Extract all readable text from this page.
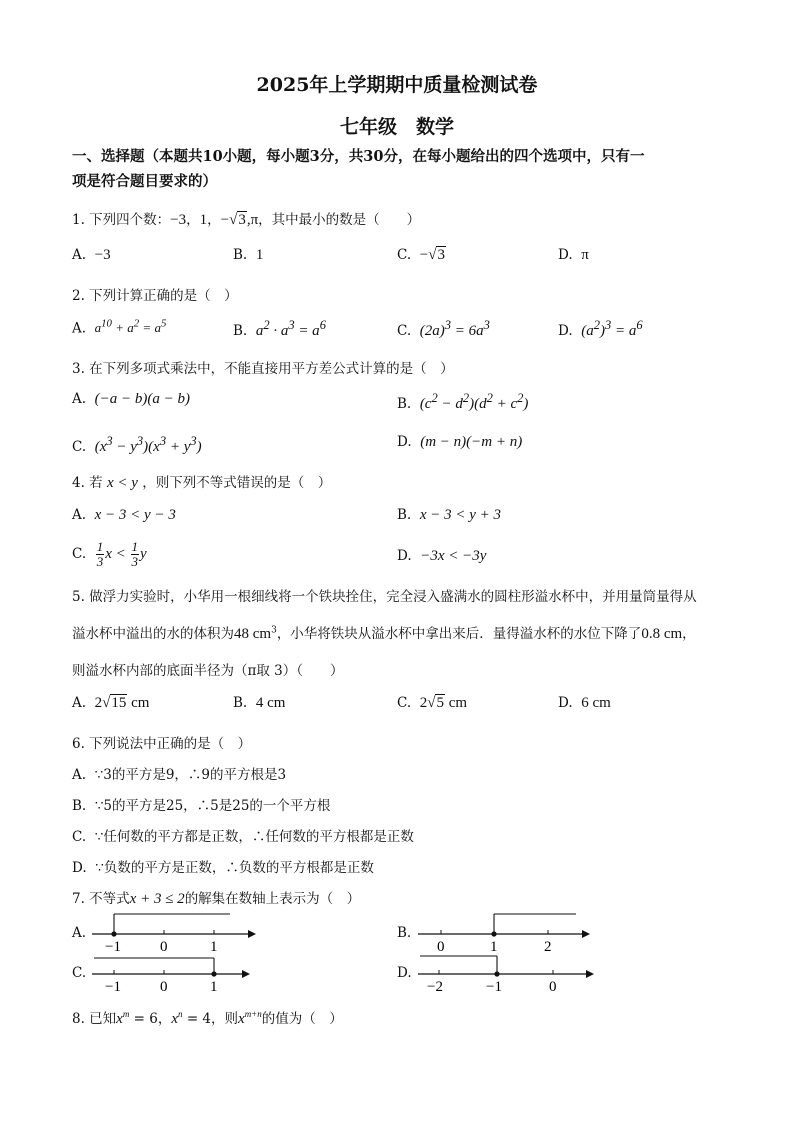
2025年上学期期中质量检测试卷
七年级　数学
一、选择题（本题共10小题，每小题3分，共30分，在每小题给出的四个选项中，只有一
项是符合题目要求的）
1. 下列四个数：−3，1，−√3,π，其中最小的数是（　　）
A. −3	B. 1	C. −√3	D. π
2. 下列计算正确的是（　）
A. $a^{10} + a^2 = a^5$	B. $a^2 \cdot a^3 = a^6$	C. $(2a)^3 = 6a^3$	D. $(a^2)^3 = a^6$
3. 在下列多项式乘法中，不能直接用平方差公式计算的是（　）
A. (−a − b)(a − b)	B. $(c^2 - d^2)(d^2 + c^2)$
C. $(x^3 - y^3)(x^3 + y^3)$	D. (m − n)(−m + n)
4. 若 x < y ，则下列不等式错误的是（　）
A. x − 3 < y − 3	B. x − 3 < y + 3
C. $\frac{1}{3}$ $x < \frac{1}{3}$ y	D. −3x < −3y
5. 做浮力实验时，小华用一根细线将一个铁块拴住，完全浸入盛满水的圆柱形溢水杯中，并用量筒量得从
溢水杯中溢出的水的体积为48 $cm^3$，小华将铁块从溢水杯中拿出来后．量得溢水杯的水位下降了0.8 cm，
则溢水杯内部的底面半径为（π取 3）（　　）
A. 2√15 cm	B. 4 cm	C. 2√5 cm	D. 6 cm
6. 下列说法中正确的是（　）
A. ∵3的平方是9，∴9的平方根是3
B. ∵5的平方是25，∴5是25的一个平方根
C. ∵任何数的平方都是正数，∴任何数的平方根都是正数
D. ∵负数的平方是正数，∴负数的平方根都是正数
7. 不等式x + 3 ≤ 2的解集在数轴上表示为（　）
A.
−1	0	1
B.
0	1	2
C.
−1	0	1
D.
−2	−1	0
8. 已知$x^m = 6$，$x^n = 4$，则$x^{m+n}$的值为（　）
